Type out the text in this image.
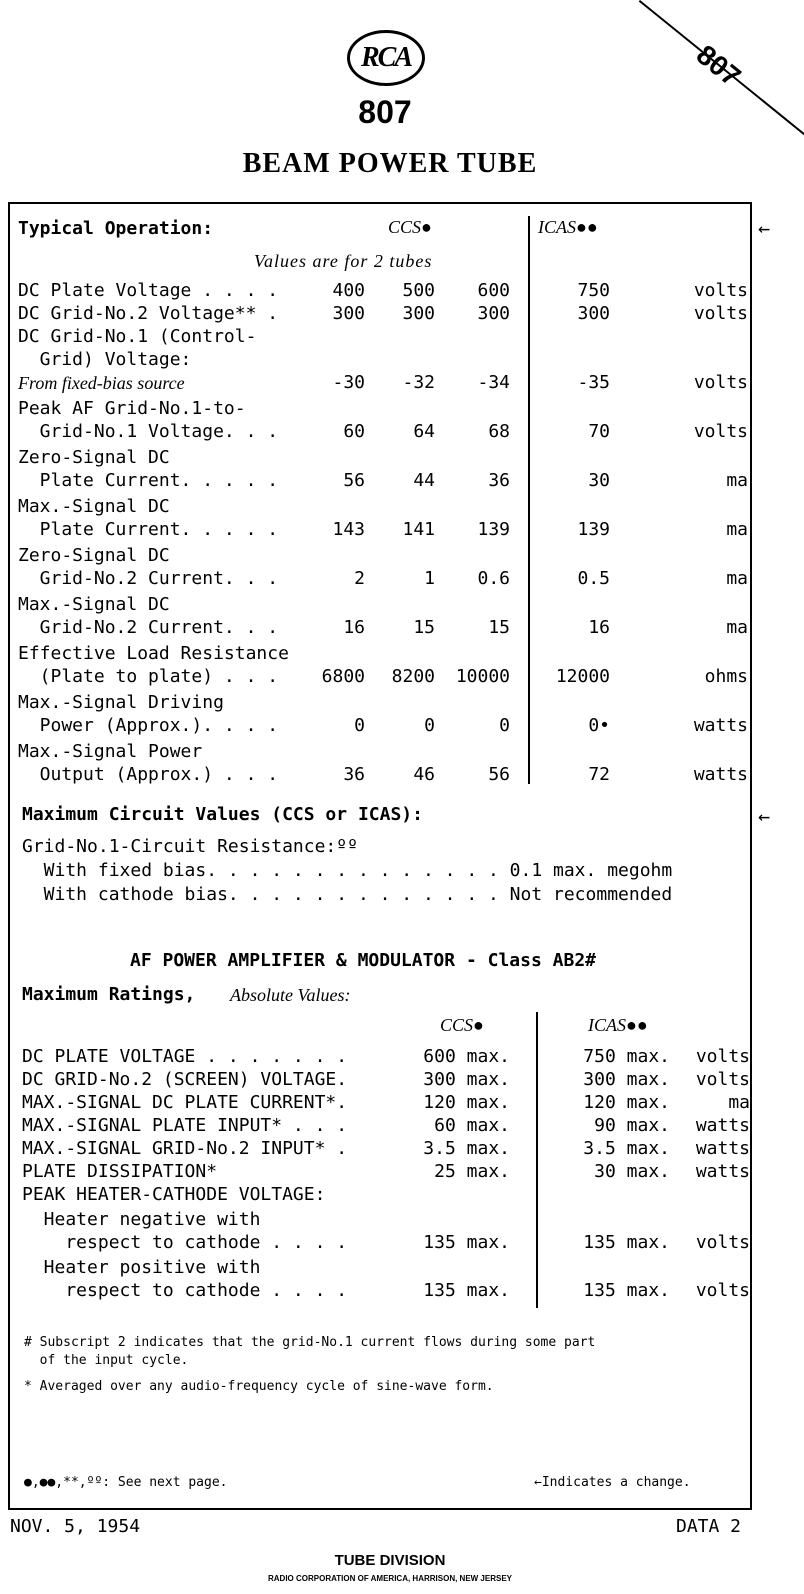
RCA
807
BEAM POWER TUBE
807
←
←
Typical Operation:	CCS●	ICAS●●
Values are for 2 tubes
DC Plate Voltage . . . .	400	500	600	750	volts
DC Grid-No.2 Voltage** .	300	300	300	300	volts
DC Grid-No.1 (Control-
Grid) Voltage:
From fixed-bias source	-30	-32	-34	-35	volts
Peak AF Grid-No.1-to-
Grid-No.1 Voltage. . .	60	64	68	70	volts
Zero-Signal DC
Plate Current. . . . .	56	44	36	30	ma
Max.-Signal DC
Plate Current. . . . .	143	141	139	139	ma
Zero-Signal DC
Grid-No.2 Current. . .	2	1	0.6	0.5	ma
Max.-Signal DC
Grid-No.2 Current. . .	16	15	15	16	ma
Effective Load Resistance
(Plate to plate) . . .	6800	8200	10000	12000	ohms
Max.-Signal Driving
Power (Approx.). . . .	0	0	0	0•	watts
Max.-Signal Power
Output (Approx.) . . .	36	46	56	72	watts
Maximum Circuit Values (CCS or ICAS):
Grid-No.1-Circuit Resistance:ºº
With fixed bias. . . . . . . . . . . . . . 0.1 max. megohm
With cathode bias. . . . . . . . . . . . . Not recommended
AF POWER AMPLIFIER & MODULATOR - Class AB2#
Maximum Ratings, Absolute Values:
CCS●	ICAS●●
DC PLATE VOLTAGE . . . . . . .	600 max.	750 max.	volts
DC GRID-No.2 (SCREEN) VOLTAGE.	300 max.	300 max.	volts
MAX.-SIGNAL DC PLATE CURRENT*.	120 max.	120 max.	ma
MAX.-SIGNAL PLATE INPUT* . . .	60 max.	90 max.	watts
MAX.-SIGNAL GRID-No.2 INPUT* .	3.5 max.	3.5 max.	watts
PLATE DISSIPATION*	25 max.	30 max.	watts
PEAK HEATER-CATHODE VOLTAGE:
Heater negative with
respect to cathode . . . .	135 max.	135 max.	volts
Heater positive with
respect to cathode . . . .	135 max.	135 max.	volts
# Subscript 2 indicates that the grid-No.1 current flows during some part
of the input cycle.
* Averaged over any audio-frequency cycle of sine-wave form.
●,●●,**,ºº: See next page.	←Indicates a change.
NOV. 5, 1954	DATA 2
TUBE DIVISION
RADIO CORPORATION OF AMERICA, HARRISON, NEW JERSEY
